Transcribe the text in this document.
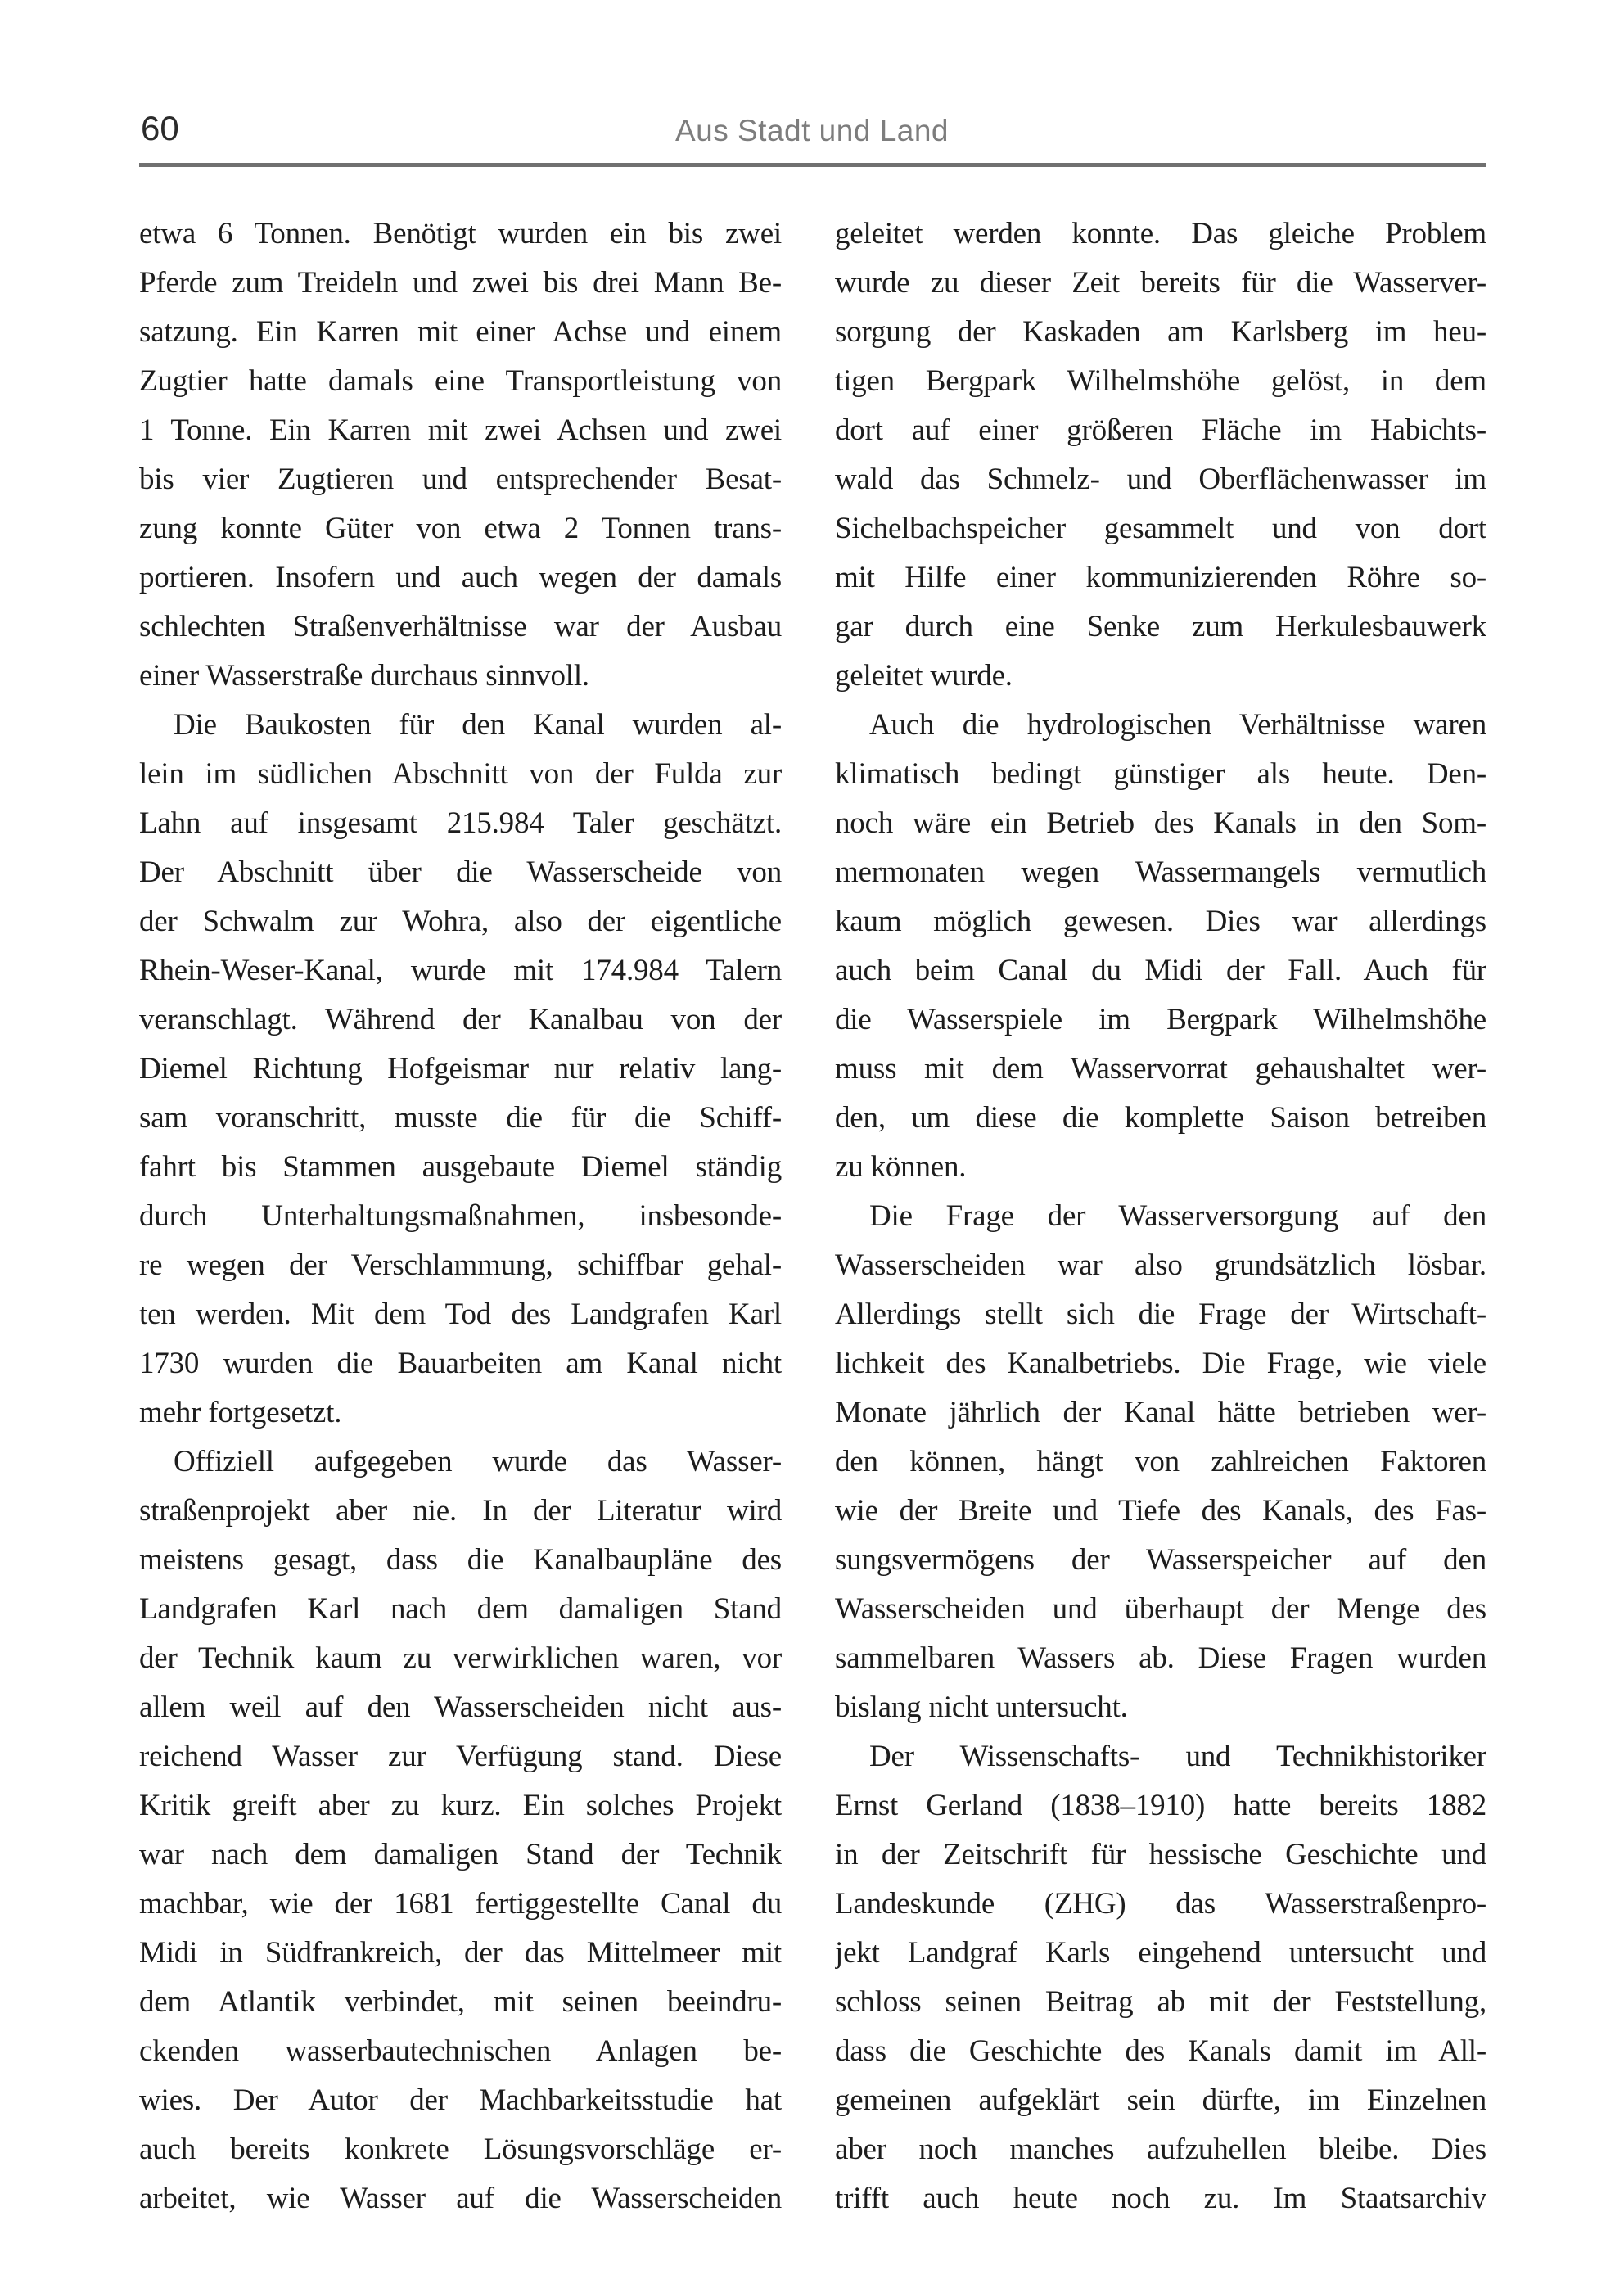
60	Aus Stadt und Land
etwa 6 Tonnen. Benötigt wurden ein bis zwei
Pferde zum Treideln und zwei bis drei Mann Be-
satzung. Ein Karren mit einer Achse und einem
Zugtier hatte damals eine Transportleistung von
1 Tonne. Ein Karren mit zwei Achsen und zwei
bis vier Zugtieren und entsprechender Besat-
zung konnte Güter von etwa 2 Tonnen trans-
portieren. Insofern und auch wegen der damals
schlechten Straßenverhältnisse war der Ausbau
einer Wasserstraße durchaus sinnvoll.
Die Baukosten für den Kanal wurden al-
lein im südlichen Abschnitt von der Fulda zur
Lahn auf insgesamt 215.984 Taler geschätzt.
Der Abschnitt über die Wasserscheide von
der Schwalm zur Wohra, also der eigentliche
Rhein-Weser-Kanal, wurde mit 174.984 Talern
veranschlagt. Während der Kanalbau von der
Diemel Richtung Hofgeismar nur relativ lang-
sam voranschritt, musste die für die Schiff-
fahrt bis Stammen ausgebaute Diemel ständig
durch Unterhaltungsmaßnahmen, insbesonde-
re wegen der Verschlammung, schiffbar gehal-
ten werden. Mit dem Tod des Landgrafen Karl
1730 wurden die Bauarbeiten am Kanal nicht
mehr fortgesetzt.
Offiziell aufgegeben wurde das Wasser-
straßenprojekt aber nie. In der Literatur wird
meistens gesagt, dass die Kanalbaupläne des
Landgrafen Karl nach dem damaligen Stand
der Technik kaum zu verwirklichen waren, vor
allem weil auf den Wasserscheiden nicht aus-
reichend Wasser zur Verfügung stand. Diese
Kritik greift aber zu kurz. Ein solches Projekt
war nach dem damaligen Stand der Technik
machbar, wie der 1681 fertiggestellte Canal du
Midi in Südfrankreich, der das Mittelmeer mit
dem Atlantik verbindet, mit seinen beeindru-
ckenden wasserbautechnischen Anlagen be-
wies. Der Autor der Machbarkeitsstudie hat
auch bereits konkrete Lösungsvorschläge er-
arbeitet, wie Wasser auf die Wasserscheiden
geleitet werden konnte. Das gleiche Problem
wurde zu dieser Zeit bereits für die Wasserver-
sorgung der Kaskaden am Karlsberg im heu-
tigen Bergpark Wilhelmshöhe gelöst, in dem
dort auf einer größeren Fläche im Habichts-
wald das Schmelz- und Oberflächenwasser im
Sichelbachspeicher gesammelt und von dort
mit Hilfe einer kommunizierenden Röhre so-
gar durch eine Senke zum Herkulesbauwerk
geleitet wurde.
Auch die hydrologischen Verhältnisse waren
klimatisch bedingt günstiger als heute. Den-
noch wäre ein Betrieb des Kanals in den Som-
mermonaten wegen Wassermangels vermutlich
kaum möglich gewesen. Dies war allerdings
auch beim Canal du Midi der Fall. Auch für
die Wasserspiele im Bergpark Wilhelmshöhe
muss mit dem Wasservorrat gehaushaltet wer-
den, um diese die komplette Saison betreiben
zu können.
Die Frage der Wasserversorgung auf den
Wasserscheiden war also grundsätzlich lösbar.
Allerdings stellt sich die Frage der Wirtschaft-
lichkeit des Kanalbetriebs. Die Frage, wie viele
Monate jährlich der Kanal hätte betrieben wer-
den können, hängt von zahlreichen Faktoren
wie der Breite und Tiefe des Kanals, des Fas-
sungsvermögens der Wasserspeicher auf den
Wasserscheiden und überhaupt der Menge des
sammelbaren Wassers ab. Diese Fragen wurden
bislang nicht untersucht.
Der Wissenschafts- und Technikhistoriker
Ernst Gerland (1838–1910) hatte bereits 1882
in der Zeitschrift für hessische Geschichte und
Landeskunde (ZHG) das Wasserstraßenpro-
jekt Landgraf Karls eingehend untersucht und
schloss seinen Beitrag ab mit der Feststellung,
dass die Geschichte des Kanals damit im All-
gemeinen aufgeklärt sein dürfte, im Einzelnen
aber noch manches aufzuhellen bleibe. Dies
trifft auch heute noch zu. Im Staatsarchiv
